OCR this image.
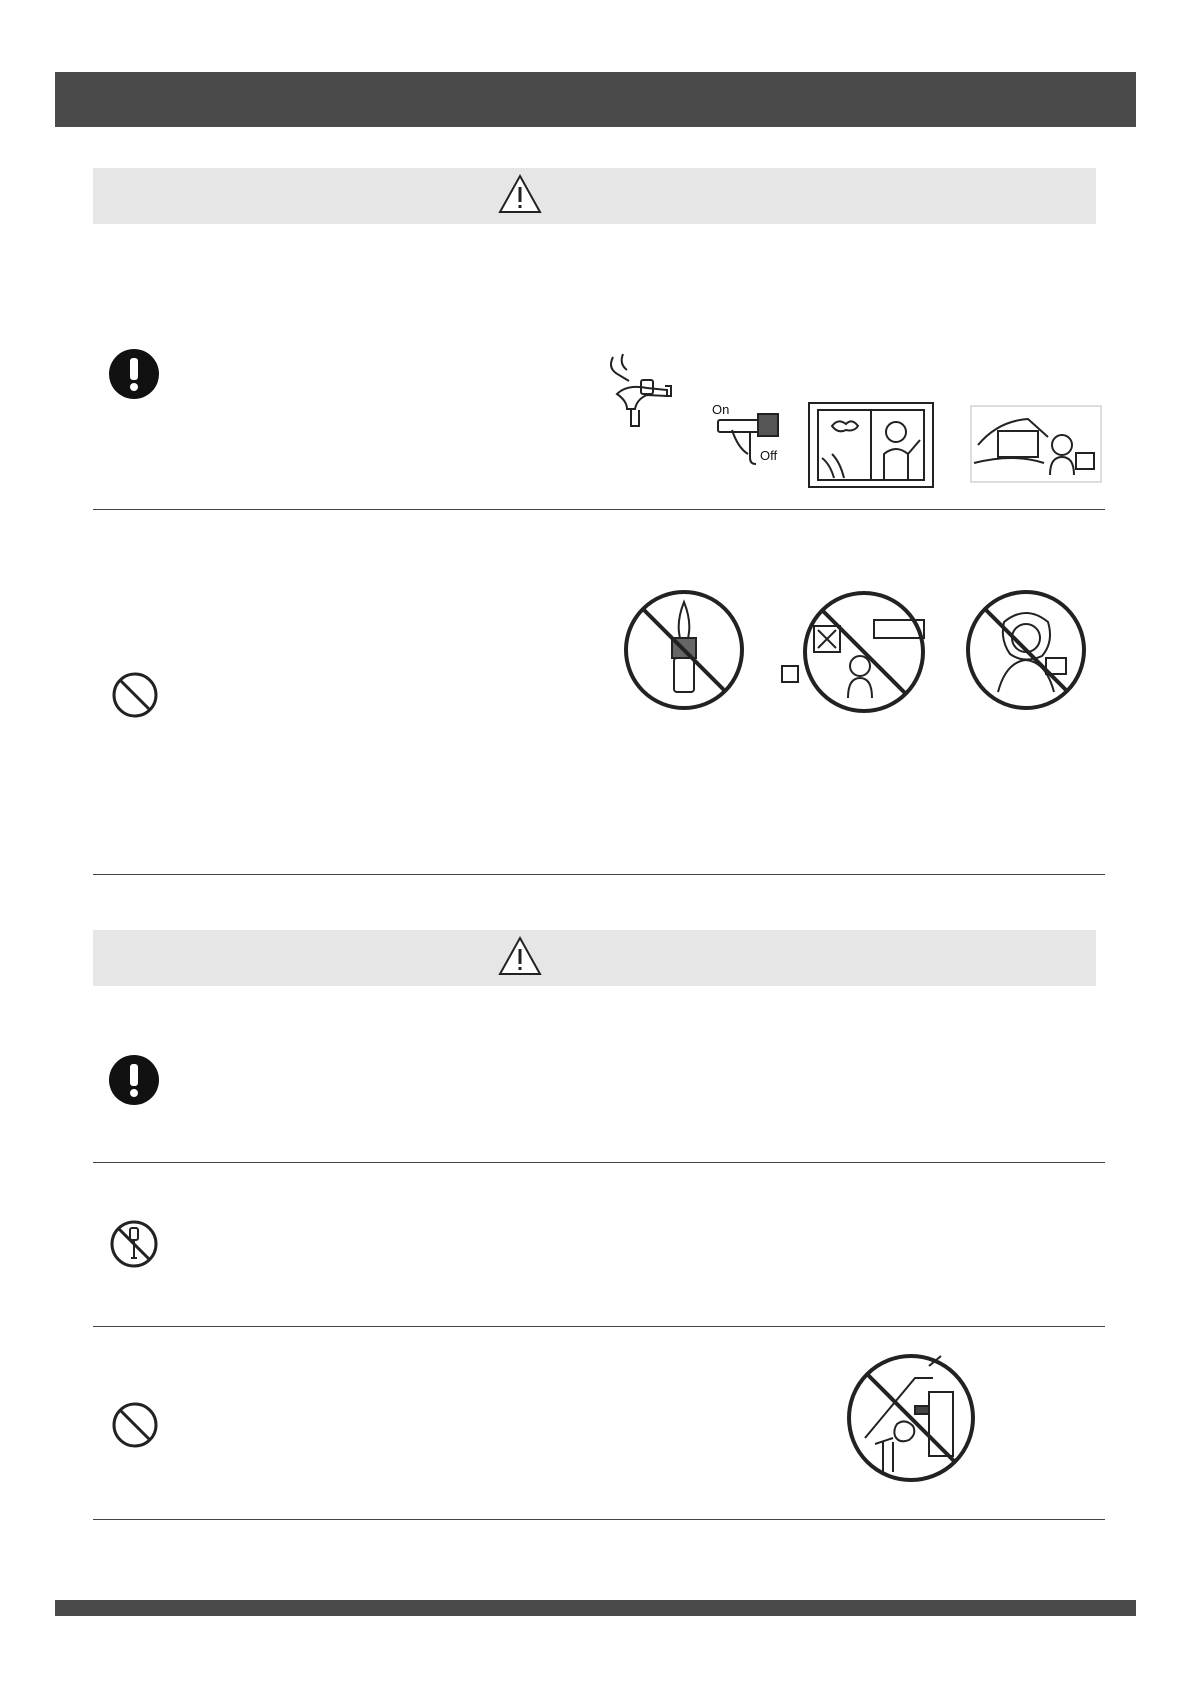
On
Off
